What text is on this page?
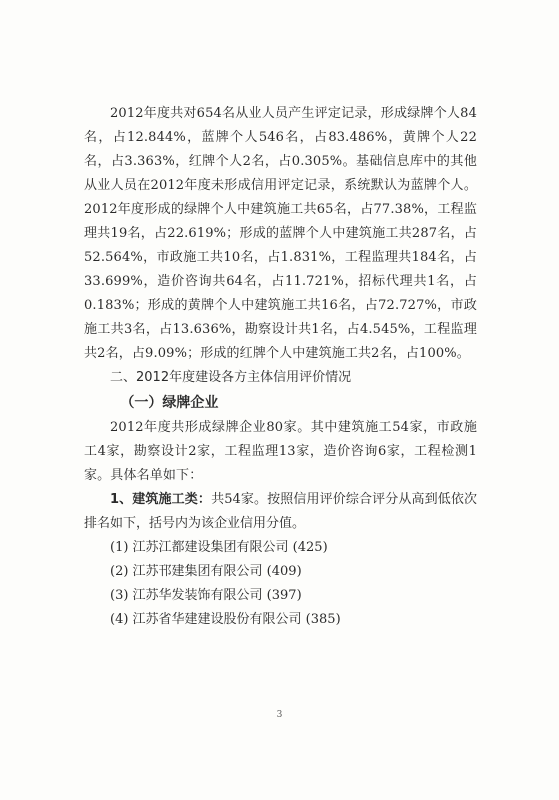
2012年度共对654名从业人员产生评定记录，形成绿牌个人84名，占12.844%，蓝牌个人546名，占83.486%，黄牌个人22名，占3.363%，红牌个人2名，占0.305%。基础信息库中的其他从业人员在2012年度未形成信用评定记录，系统默认为蓝牌个人。2012年度形成的绿牌个人中建筑施工共65名，占77.38%，工程监理共19名，占22.619%；形成的蓝牌个人中建筑施工共287名，占52.564%，市政施工共10名，占1.831%，工程监理共184名，占33.699%，造价咨询共64名，占11.721%，招标代理共1名，占0.183%；形成的黄牌个人中建筑施工共16名，占72.727%，市政施工共3名，占13.636%，勘察设计共1名，占4.545%，工程监理共2名，占9.09%；形成的红牌个人中建筑施工共2名，占100%。

二、2012年度建设各方主体信用评价情况

（一）绿牌企业

2012年度共形成绿牌企业80家。其中建筑施工54家，市政施工4家，勘察设计2家，工程监理13家，造价咨询6家，工程检测1家。具体名单如下：

1、建筑施工类：共54家。按照信用评价综合评分从高到低依次排名如下，括号内为该企业信用分值。

(1) 江苏江都建设集团有限公司 (425)

(2) 江苏邗建集团有限公司 (409)

(3) 江苏华发装饰有限公司 (397)

(4) 江苏省华建建设股份有限公司 (385)

3
